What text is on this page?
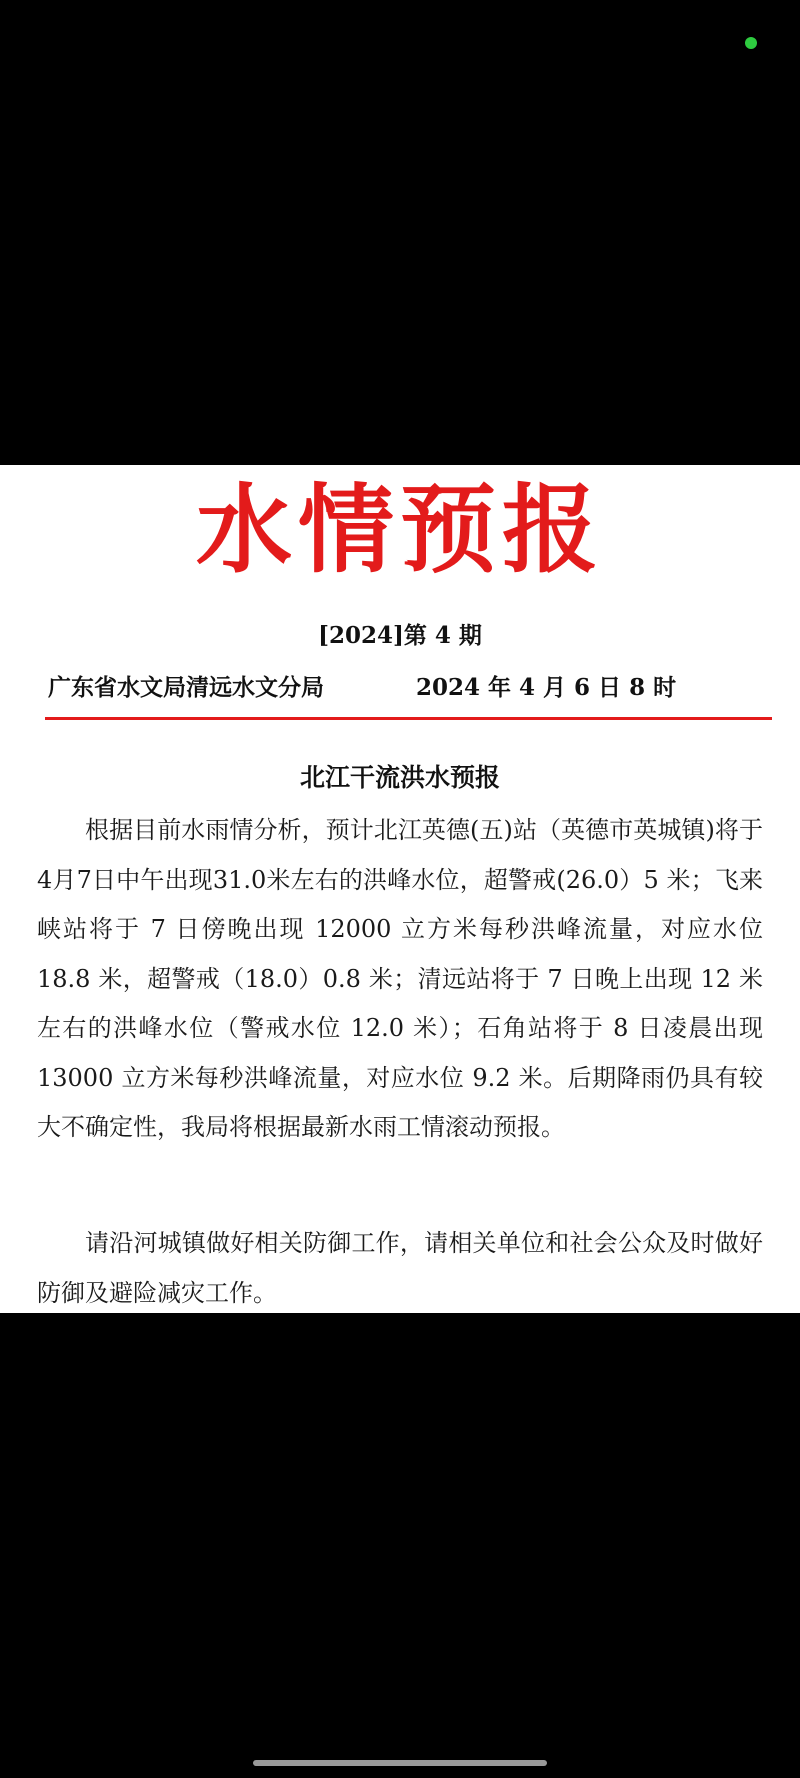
水情预报
[2024]第 4 期
广东省水文局清远水文分局	2024 年 4 月 6 日 8 时
北江干流洪水预报

根据目前水雨情分析，预计北江英德(五)站（英德市英城镇)将于4月7日中午出现31.0米左右的洪峰水位，超警戒(26.0）5 米；飞来峡站将于 7 日傍晚出现 12000 立方米每秒洪峰流量，对应水位 18.8 米，超警戒（18.0）0.8 米；清远站将于 7 日晚上出现 12 米左右的洪峰水位（警戒水位 12.0 米）；石角站将于 8 日凌晨出现 13000 立方米每秒洪峰流量，对应水位 9.2 米。后期降雨仍具有较大不确定性，我局将根据最新水雨工情滚动预报。

请沿河城镇做好相关防御工作，请相关单位和社会公众及时做好防御及避险减灾工作。
